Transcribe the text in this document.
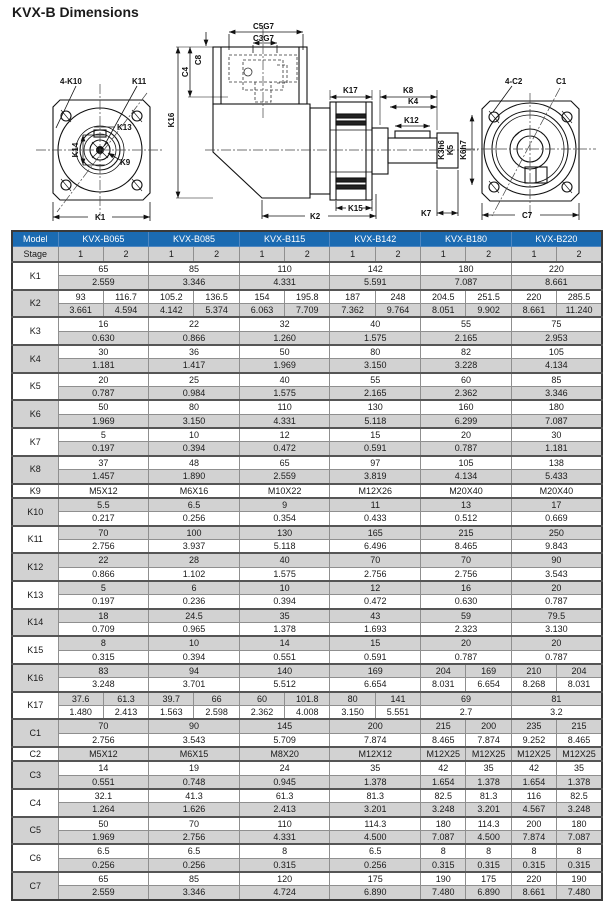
KVX-B Dimensions
4-K10	K11
K13
K14
K9
K1
C5G7
C3G7
C8
C4
K16
K17	K8
K4
K12
K3h6 K5 K6h7
K2
K15
K7
4-C2	C1
C7
Model	KVX-B065		KVX-B085		KVX-B115		KVX-B142		KVX-B180		KVX-B220	
Stage	1	2	1	2	1	2	1	2	1	2	1	2
K1	65		85		110		142		180		220	
	2.559		3.346		4.331		5.591		7.087		8.661	
K2	93	116.7	105.2	136.5	154	195.8	187	248	204.5	251.5	220	285.5
	3.661	4.594	4.142	5.374	6.063	7.709	7.362	9.764	8.051	9.902	8.661	11.240
K3	16		22		32		40		55		75	
	0.630		0.866		1.260		1.575		2.165		2.953	
K4	30		36		50		80		82		105	
	1.181		1.417		1.969		3.150		3.228		4.134	
K5	20		25		40		55		60		85	
	0.787		0.984		1.575		2.165		2.362		3.346	
K6	50		80		110		130		160		180	
	1.969		3.150		4.331		5.118		6.299		7.087	
K7	5		10		12		15		20		30	
	0.197		0.394		0.472		0.591		0.787		1.181	
K8	37		48		65		97		105		138	
	1.457		1.890		2.559		3.819		4.134		5.433	
K9	M5X12		M6X16		M10X22		M12X26		M20X40		M20X40	
K10	5.5		6.5		9		11		13		17	
	0.217		0.256		0.354		0.433		0.512		0.669	
K11	70		100		130		165		215		250	
	2.756		3.937		5.118		6.496		8.465		9.843	
K12	22		28		40		70		70		90	
	0.866		1.102		1.575		2.756		2.756		3.543	
K13	5		6		10		12		16		20	
	0.197		0.236		0.394		0.472		0.630		0.787	
K14	18		24.5		35		43		59		79.5	
	0.709		0.965		1.378		1.693		2.323		3.130	
K15	8		10		14		15		20		20	
	0.315		0.394		0.551		0.591		0.787		0.787	
K16	83		94		140		169		204	169	210	204
	3.248		3.701		5.512		6.654		8.031	6.654	8.268	8.031
K17	37.6	61.3	39.7	66	60	101.8	80	141	69		81	
	1.480	2.413	1.563	2.598	2.362	4.008	3.150	5.551	2.7		3.2	
C1	70		90		145		200		215	200	235	215
	2.756		3.543		5.709		7.874		8.465	7.874	9.252	8.465
C2	M5X12		M6X15		M8X20		M12X12		M12X25	M12X25	M12X25	M12X25
C3	14		19		24		35		42	35	42	35
	0.551		0.748		0.945		1.378		1.654	1.378	1.654	1.378
C4	32.1		41.3		61.3		81.3		82.5	81.3	116	82.5
	1.264		1.626		2.413		3.201		3.248	3.201	4.567	3.248
C5	50		70		110		114.3		180	114.3	200	180
	1.969		2.756		4.331		4.500		7.087	4.500	7.874	7.087
C6	6.5		6.5		8		6.5		8	8	8	8
	0.256		0.256		0.315		0.256		0.315	0.315	0.315	0.315
C7	65		85		120		175		190	175	220	190
	2.559		3.346		4.724		6.890		7.480	6.890	8.661	7.480
